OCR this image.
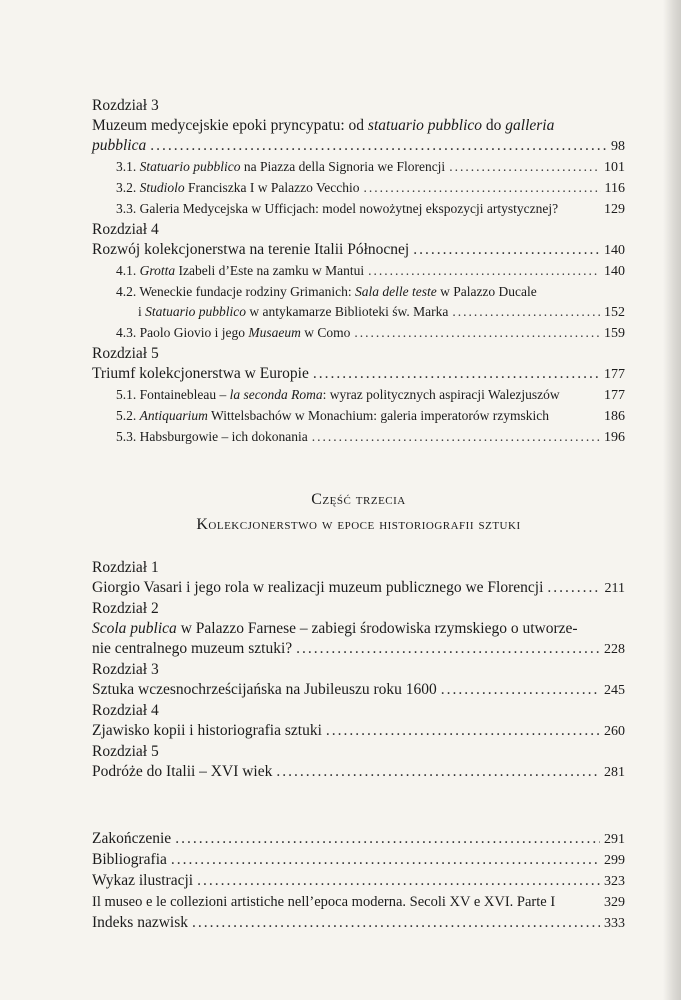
Rozdział 3
Muzeum medycejskie epoki pryncypatu: od statuario pubblico do galleria
pubblica .....	98
3.1. Statuario pubblico na Piazza della Signoria we Florencji .....	101
3.2. Studiolo Franciszka I w Palazzo Vecchio .....	116
3.3. Galeria Medycejska w Ufficjach: model nowożytnej ekspozycji artystycznej?	129
Rozdział 4
Rozwój kolekcjonerstwa na terenie Italii Północnej .....	140
4.1. Grotta Izabeli d’Este na zamku w Mantui .....	140
4.2. Weneckie fundacje rodziny Grimanich: Sala delle teste w Palazzo Ducale
i Statuario pubblico w antykamarze Biblioteki św. Marka .....	152
4.3. Paolo Giovio i jego Musaeum w Como .....	159
Rozdział 5
Triumf kolekcjonerstwa w Europie .....	177
5.1. Fontainebleau – la seconda Roma: wyraz politycznych aspiracji Walezjuszów	177
5.2. Antiquarium Wittelsbachów w Monachium: galeria imperatorów rzymskich	186
5.3. Habsburgowie – ich dokonania .....	196
Część trzecia
Kolekcjonerstwo w epoce historiografii sztuki
Rozdział 1
Giorgio Vasari i jego rola w realizacji muzeum publicznego we Florencji .....	211
Rozdział 2
Scola publica w Palazzo Farnese – zabiegi środowiska rzymskiego o utworze-
nie centralnego muzeum sztuki? .....	228
Rozdział 3
Sztuka wczesnochrześcijańska na Jubileuszu roku 1600 .....	245
Rozdział 4
Zjawisko kopii i historiografia sztuki .....	260
Rozdział 5
Podróże do Italii – XVI wiek .....	281
Zakończenie .....	291
Bibliografia .....	299
Wykaz ilustracji .....	323
Il museo e le collezioni artistiche nell’epoca moderna. Secoli XV e XVI. Parte I	329
Indeks nazwisk .....	333
